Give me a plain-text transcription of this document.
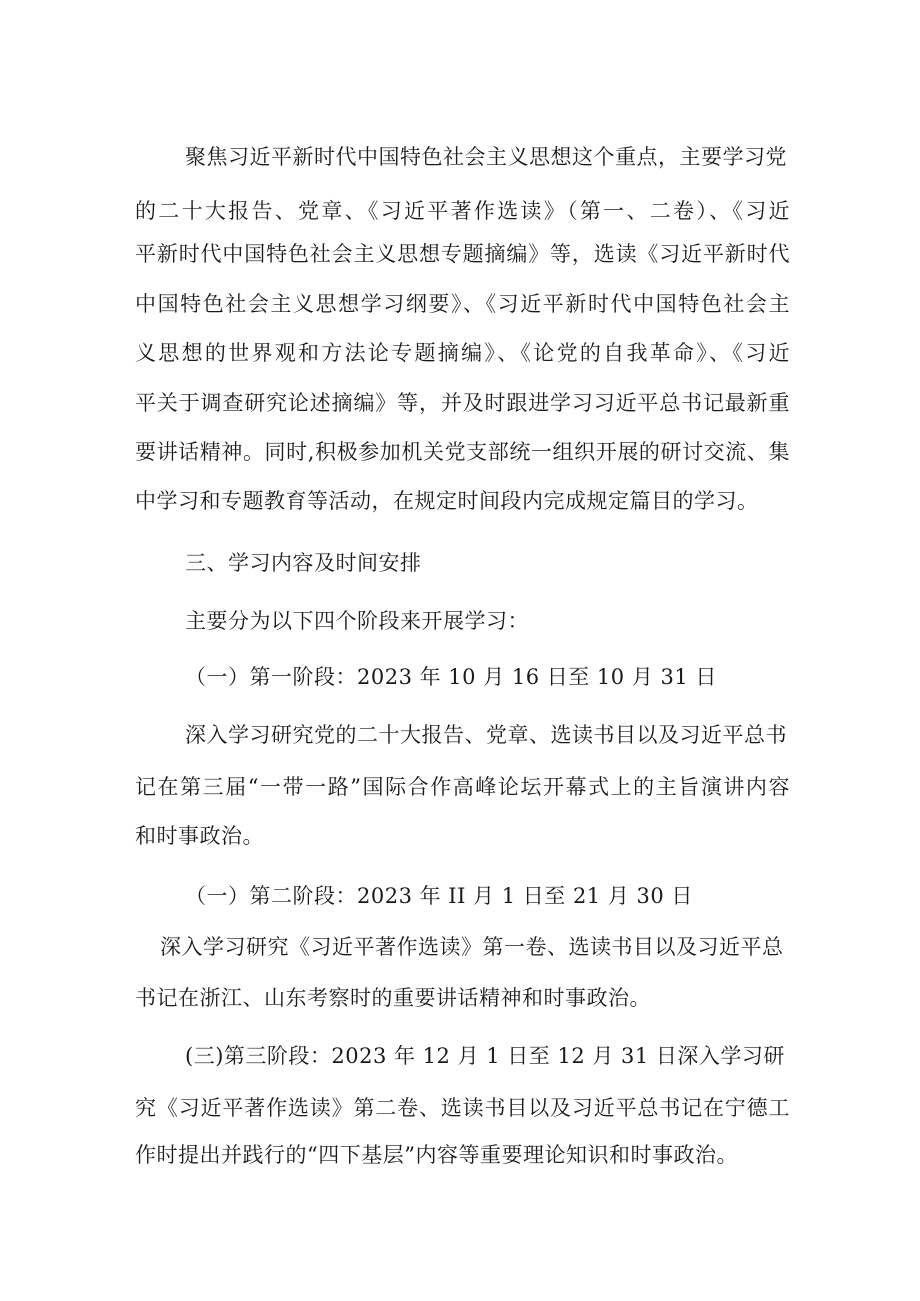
聚焦习近平新时代中国特色社会主义思想这个重点，主要学习党
的二十大报告、党章、《习近平著作选读》（第一、二卷）、《习近
平新时代中国特色社会主义思想专题摘编》等，选读《习近平新时代
中国特色社会主义思想学习纲要》、《习近平新时代中国特色社会主
义思想的世界观和方法论专题摘编》、《论党的自我革命》、《习近
平关于调查研究论述摘编》等，并及时跟进学习习近平总书记最新重
要讲话精神。同时,积极参加机关党支部统一组织开展的研讨交流、集
中学习和专题教育等活动，在规定时间段内完成规定篇目的学习。
三、学习内容及时间安排
主要分为以下四个阶段来开展学习：
（一）第一阶段：2023 年 10 月 16 日至 10 月 31 日
深入学习研究党的二十大报告、党章、选读书目以及习近平总书
记在第三届“一带一路”国际合作高峰论坛开幕式上的主旨演讲内容
和时事政治。
（一）第二阶段：2023 年 II 月 1 日至 21 月 30 日
深入学习研究《习近平著作选读》第一卷、选读书目以及习近平总
书记在浙江、山东考察时的重要讲话精神和时事政治。
(三)第三阶段：2023 年 12 月 1 日至 12 月 31 日深入学习研
究《习近平著作选读》第二卷、选读书目以及习近平总书记在宁德工
作时提出并践行的“四下基层”内容等重要理论知识和时事政治。
